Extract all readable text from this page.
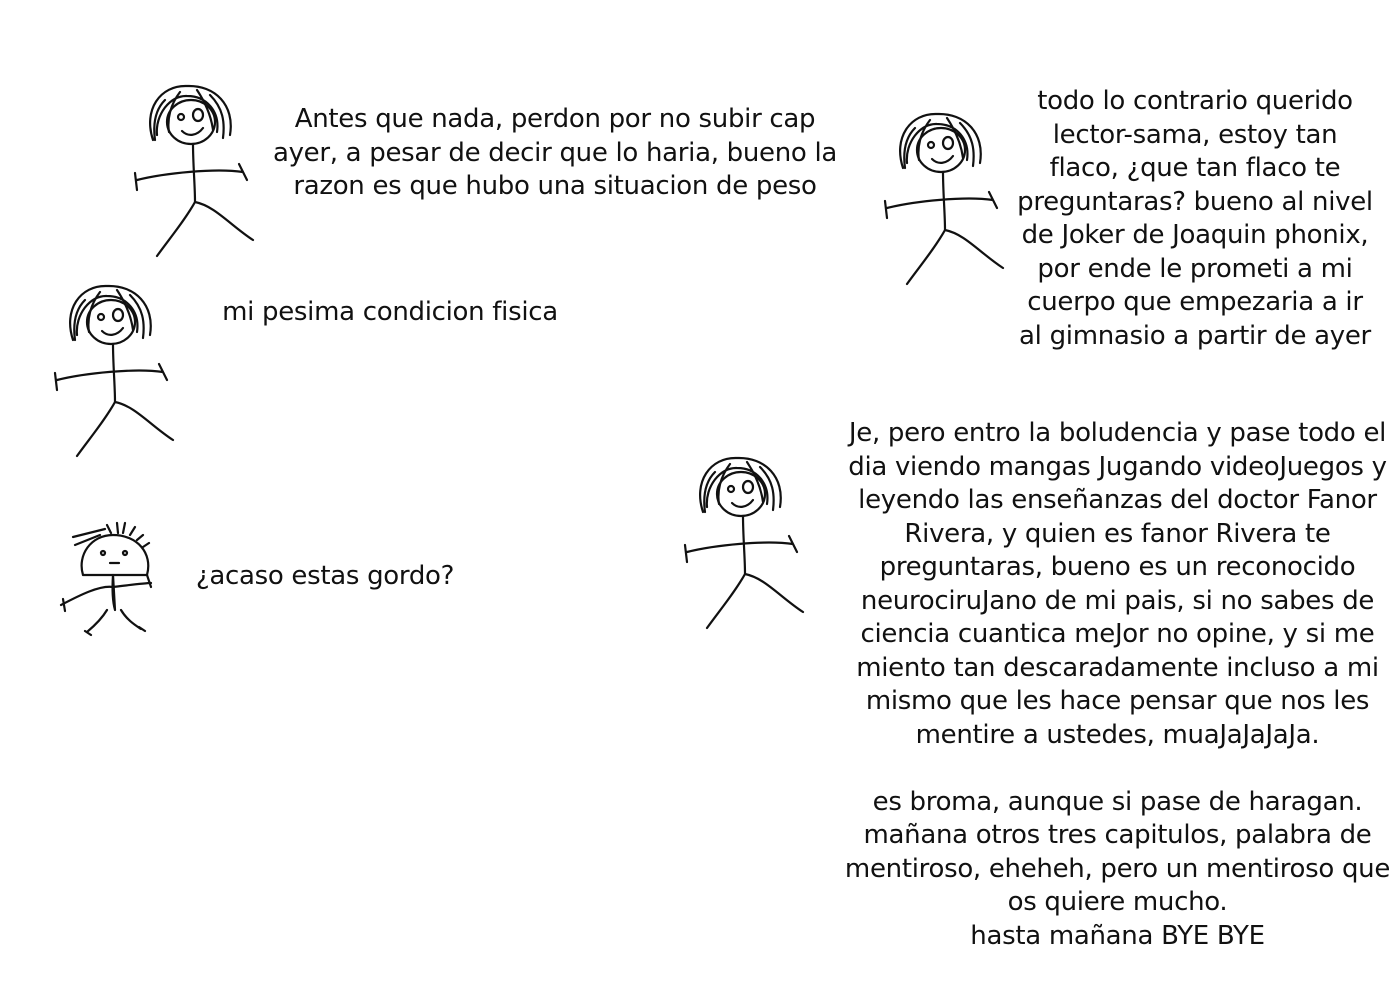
Antes que nada, perdon por no subir cap
ayer, a pesar de decir que lo haria, bueno la
razon es que hubo una situacion de peso
mi pesima condicion fisica
¿acaso estas gordo?
todo lo contrario querido
lector-sama, estoy tan
flaco, ¿que tan flaco te
preguntaras? bueno al nivel
de Joker de Joaquin phonix,
por ende le prometi a mi
cuerpo que empezaria a ir
al gimnasio a partir de ayer
Je, pero entro la boludencia y pase todo el
dia viendo mangas Jugando videoJuegos y
leyendo las enseñanzas del doctor Fanor
Rivera, y quien es fanor Rivera te
preguntaras, bueno es un reconocido
neurociruJano de mi pais, si no sabes de
ciencia cuantica meJor no opine, y si me
miento tan descaradamente incluso a mi
mismo que les hace pensar que nos les
mentire a ustedes, muaJaJaJaJa.

es broma, aunque si pase de haragan.
mañana otros tres capitulos, palabra de
mentiroso, eheheh, pero un mentiroso que
os quiere mucho.
hasta mañana BYE BYE
